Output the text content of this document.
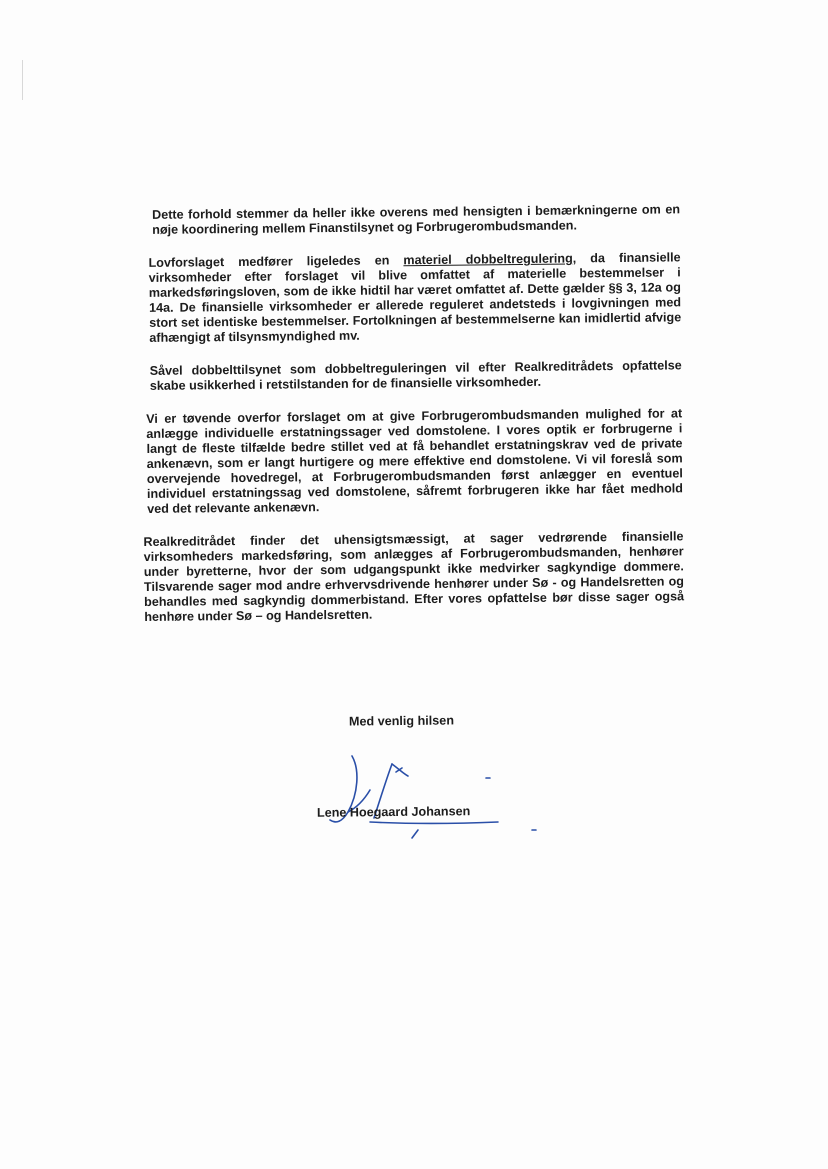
Dette forhold stemmer da heller ikke overens med hensigten i bemærkningerne om en nøje koordinering mellem Finanstilsynet og Forbrugerombudsmanden.

Lovforslaget medfører ligeledes en materiel dobbeltregulering, da finansielle virksomheder efter forslaget vil blive omfattet af materielle bestemmelser i markedsføringsloven, som de ikke hidtil har været omfattet af. Dette gælder §§ 3, 12a og 14a. De finansielle virksomheder er allerede reguleret andetsteds i lovgivningen med stort set identiske bestemmelser. Fortolkningen af bestemmelserne kan imidlertid afvige afhængigt af tilsynsmyndighed mv.

Såvel dobbelttilsynet som dobbeltreguleringen vil efter Realkreditrådets opfattelse skabe usikkerhed i retstilstanden for de finansielle virksomheder.

Vi er tøvende overfor forslaget om at give Forbrugerombudsmanden mulighed for at anlægge individuelle erstatningssager ved domstolene. I vores optik er forbrugerne i langt de fleste tilfælde bedre stillet ved at få behandlet erstatningskrav ved de private ankenævn, som er langt hurtigere og mere effektive end domstolene. Vi vil foreslå som overvejende hovedregel, at Forbrugerombudsmanden først anlægger en eventuel individuel erstatningssag ved domstolene, såfremt forbrugeren ikke har fået medhold ved det relevante ankenævn.

Realkreditrådet finder det uhensigtsmæssigt, at sager vedrørende finansielle virksomheders markedsføring, som anlægges af Forbrugerombudsmanden, henhører under byretterne, hvor der som udgangspunkt ikke medvirker sagkyndige dommere. Tilsvarende sager mod andre erhvervsdrivende henhører under Sø - og Handelsretten og behandles med sagkyndig dommerbistand. Efter vores opfattelse bør disse sager også henhøre under Sø – og Handelsretten.

Med venlig hilsen
Lene Hoegaard Johansen
